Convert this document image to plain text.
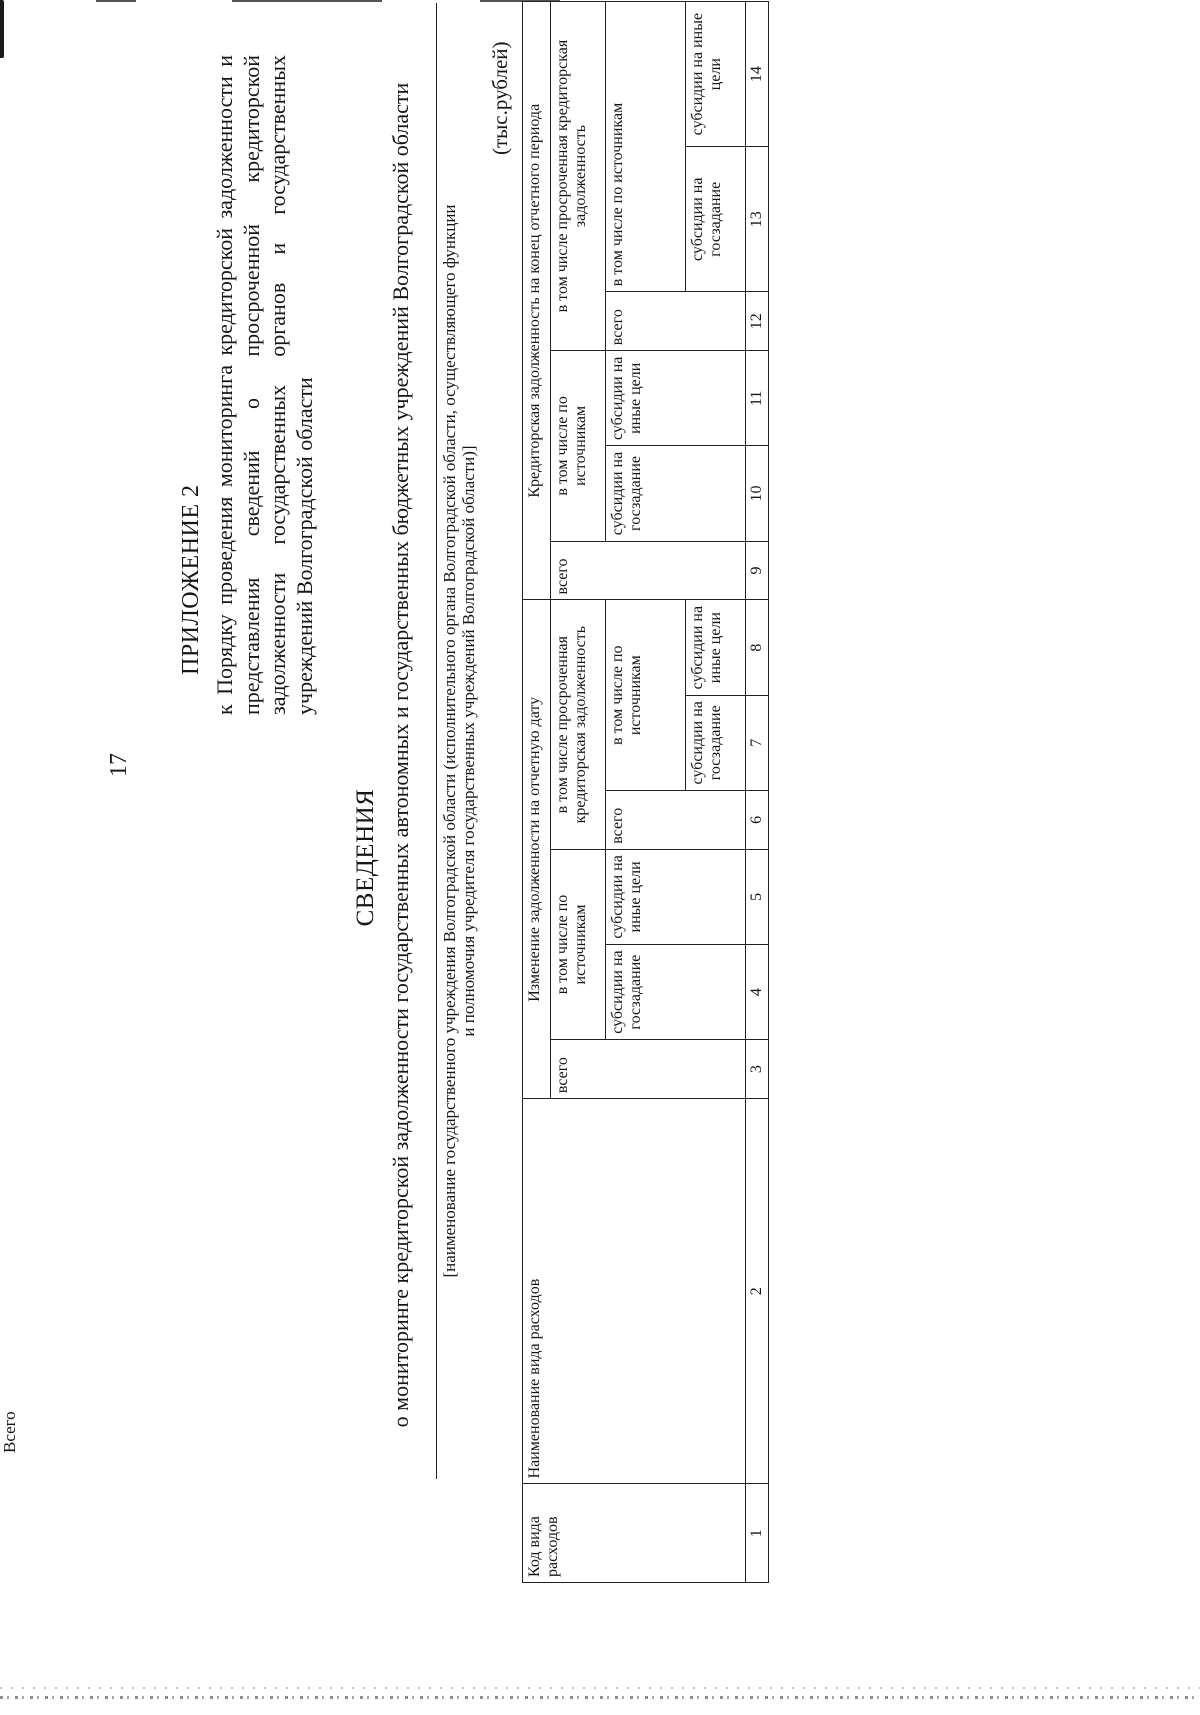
17
ПРИЛОЖЕНИЕ 2 к Порядку проведения мониторинга кредиторской задолженности и представления сведений о просроченной кредиторской задолженности государственных органов и государственных учреждений Волгоградской области
СВЕДЕНИЯ о мониторинге кредиторской задолженности государственных автономных и государственных бюджетных учреждений Волгоградской области [наименование государственного учреждения Волгоградской области (исполнительного органа Волгоградской области, осуществляющего функции и полномочия учредителя государственных учреждений Волгоградской области)]
(тыс.рублей)
Код вида расходов	Наименование вида расходов	Изменение задолженности на отчетную дату						Кредиторская задолженность на конец отчетного периода					
		всего	в том числе по источникам		в том числе просроченная кредиторская задолженность			всего	в том числе по источникам		в том числе просроченная кредиторская задолженность		
			субсидии на госзадание	субсидии на иные цели	всего	в том числе по источникам			субсидии на госзадание	субсидии на иные цели	всего	в том числе по источникам	
						субсидии на госзадание	субсидии на иные цели					субсидии на госзадание	субсидии на иные цели
1	2	3	4	5	6	7	8	9	10	11	12	13	14
Всего
